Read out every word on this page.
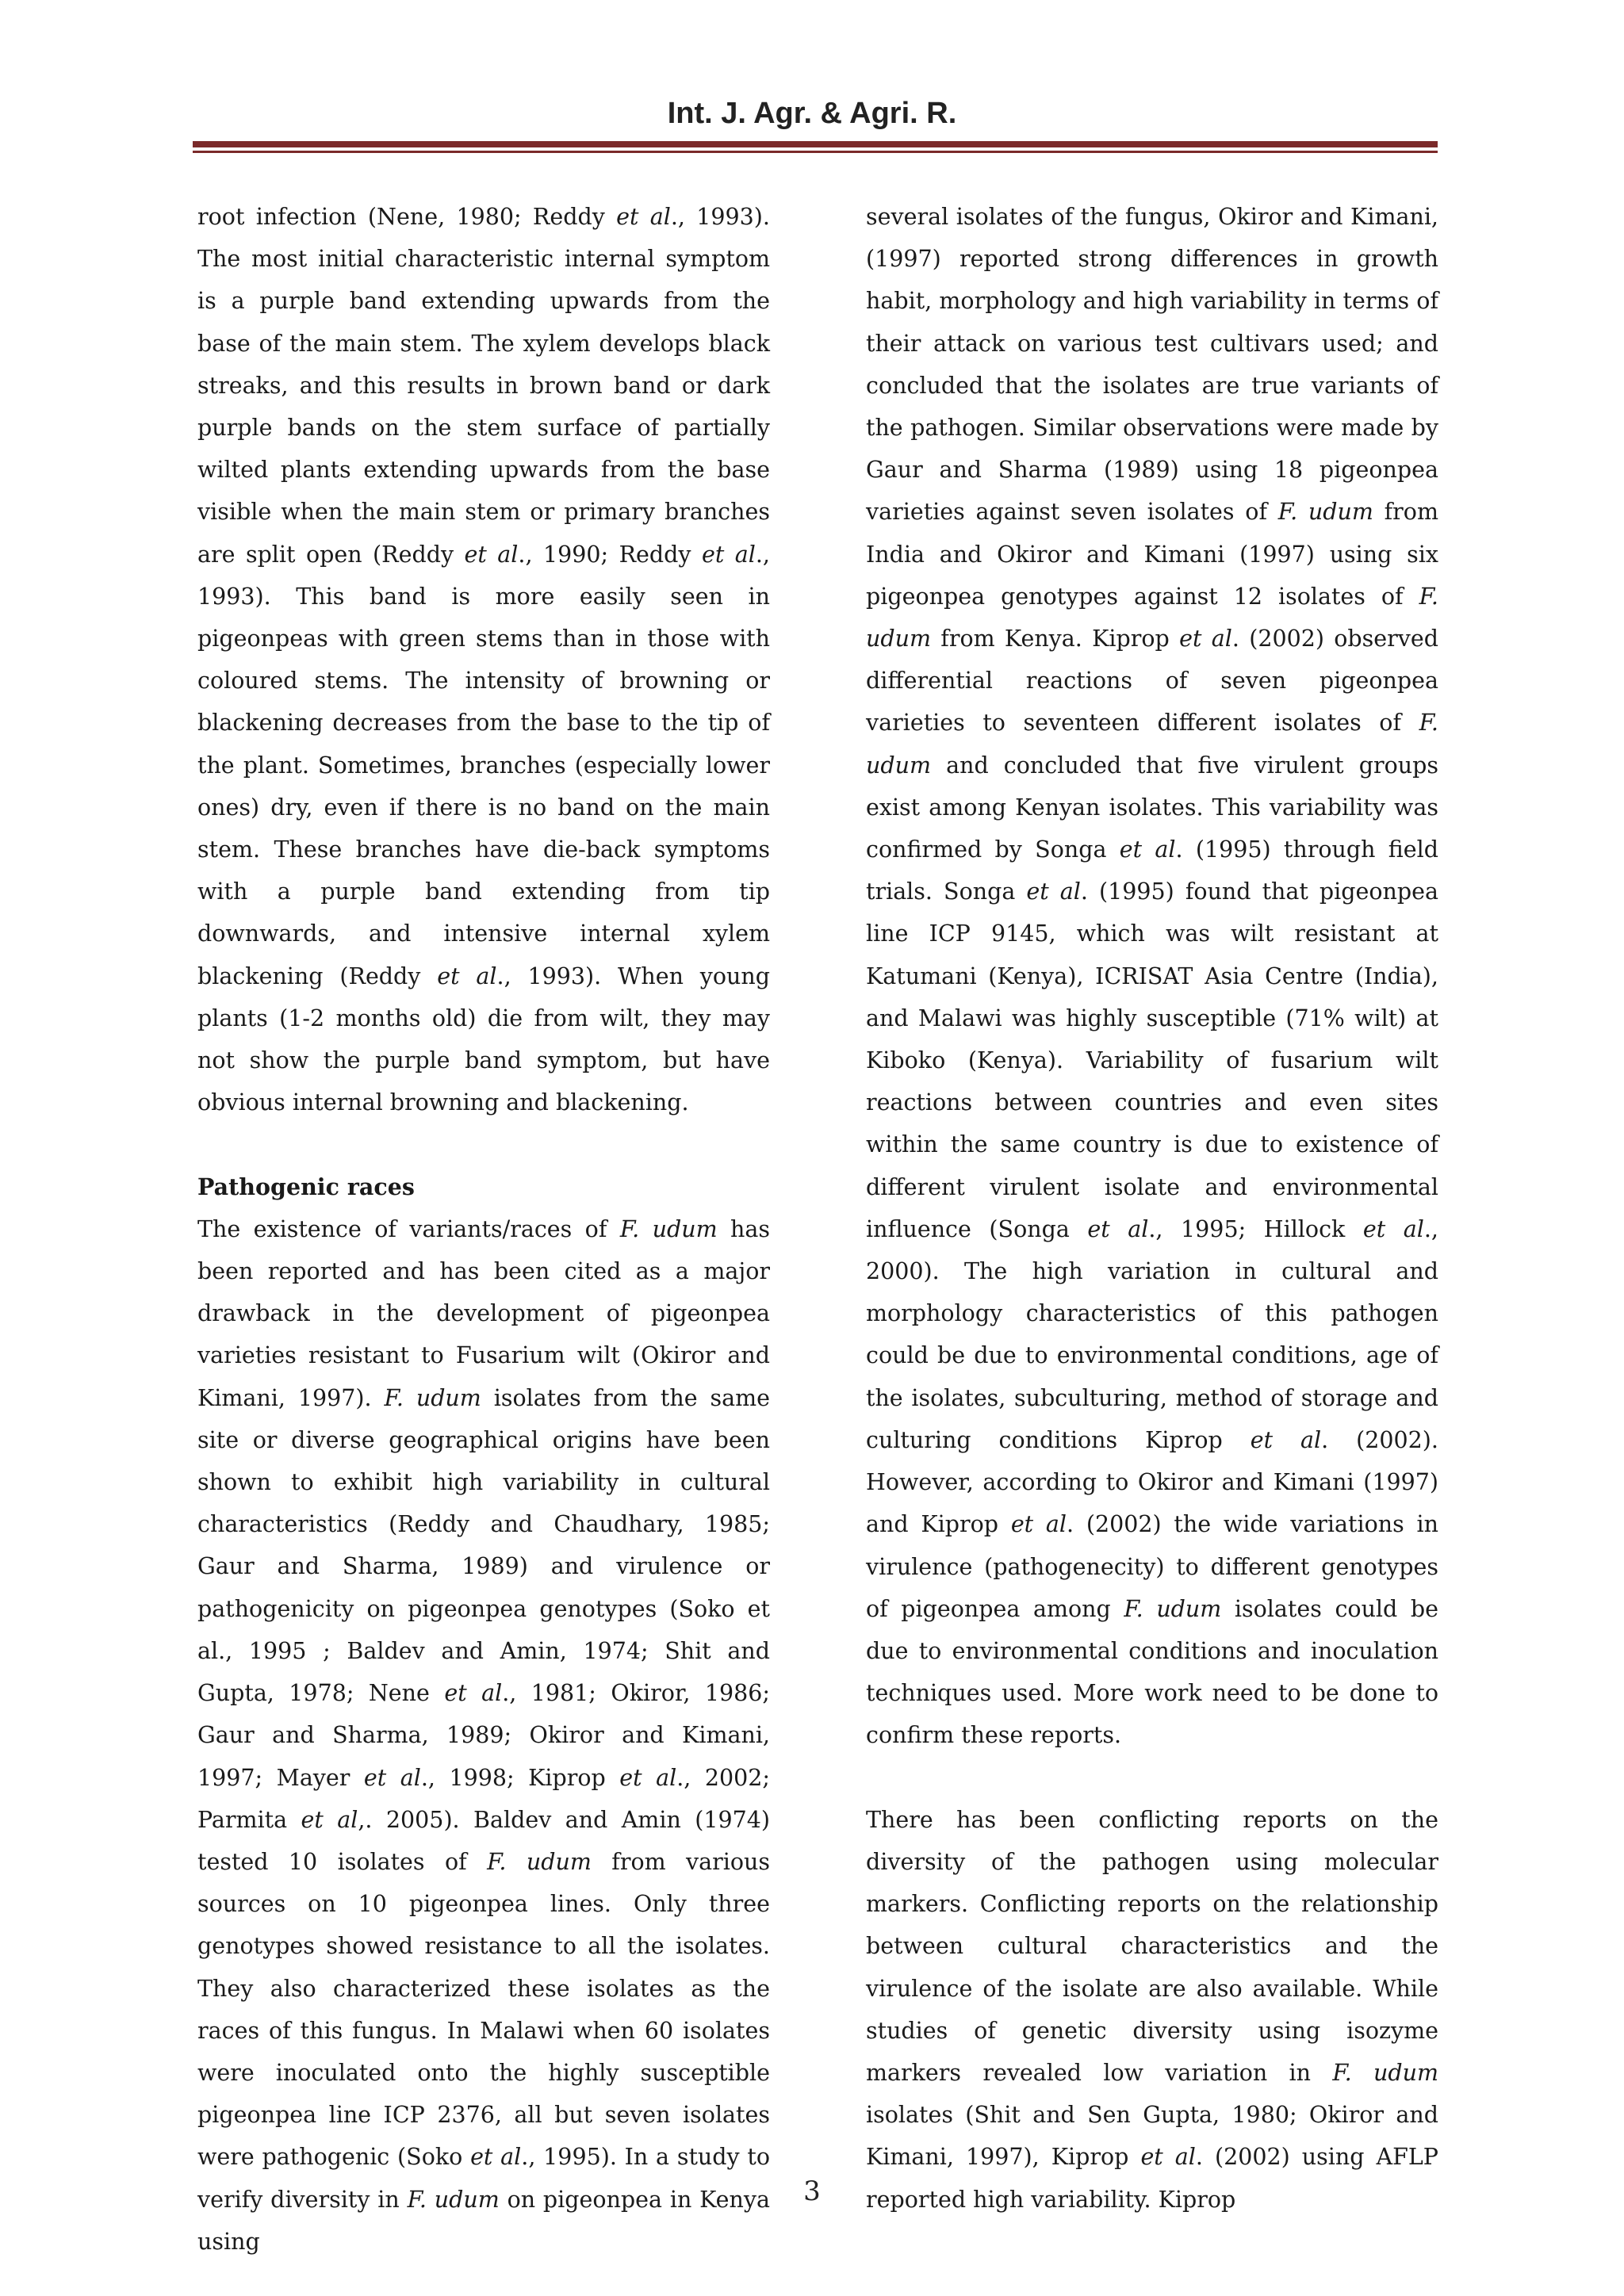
Int. J. Agr. & Agri. R.

root infection (Nene, 1980; Reddy et al., 1993). The most initial characteristic internal symptom is a purple band extending upwards from the base of the main stem. The xylem develops black streaks, and this results in brown band or dark purple bands on the stem surface of partially wilted plants extending upwards from the base visible when the main stem or primary branches are split open (Reddy et al., 1990; Reddy et al., 1993). This band is more easily seen in pigeonpeas with green stems than in those with coloured stems. The intensity of browning or blackening decreases from the base to the tip of the plant. Sometimes, branches (especially lower ones) dry, even if there is no band on the main stem. These branches have die-back symptoms with a purple band extending from tip downwards, and intensive internal xylem blackening (Reddy et al., 1993). When young plants (1-2 months old) die from wilt, they may not show the purple band symptom, but have obvious internal browning and blackening.

Pathogenic races

The existence of variants/races of F. udum has been reported and has been cited as a major drawback in the development of pigeonpea varieties resistant to Fusarium wilt (Okiror and Kimani, 1997). F. udum isolates from the same site or diverse geographical origins have been shown to exhibit high variability in cultural characteristics (Reddy and Chaudhary, 1985; Gaur and Sharma, 1989) and virulence or pathogenicity on pigeonpea genotypes (Soko et al., 1995 ; Baldev and Amin, 1974; Shit and Gupta, 1978; Nene et al., 1981; Okiror, 1986; Gaur and Sharma, 1989; Okiror and Kimani, 1997; Mayer et al., 1998; Kiprop et al., 2002; Parmita et al,. 2005). Baldev and Amin (1974) tested 10 isolates of F. udum from various sources on 10 pigeonpea lines. Only three genotypes showed resistance to all the isolates. They also characterized these isolates as the races of this fungus. In Malawi when 60 isolates were inoculated onto the highly susceptible pigeonpea line ICP 2376, all but seven isolates were pathogenic (Soko et al., 1995). In a study to verify diversity in F. udum on pigeonpea in Kenya using

several isolates of the fungus, Okiror and Kimani, (1997) reported strong differences in growth habit, morphology and high variability in terms of their attack on various test cultivars used; and concluded that the isolates are true variants of the pathogen. Similar observations were made by Gaur and Sharma (1989) using 18 pigeonpea varieties against seven isolates of F. udum from India and Okiror and Kimani (1997) using six pigeonpea genotypes against 12 isolates of F. udum from Kenya. Kiprop et al. (2002) observed differential reactions of seven pigeonpea varieties to seventeen different isolates of F. udum and concluded that five virulent groups exist among Kenyan isolates. This variability was confirmed by Songa et al. (1995) through field trials. Songa et al. (1995) found that pigeonpea line ICP 9145, which was wilt resistant at Katumani (Kenya), ICRISAT Asia Centre (India), and Malawi was highly susceptible (71% wilt) at Kiboko (Kenya). Variability of fusarium wilt reactions between countries and even sites within the same country is due to existence of different virulent isolate and environmental influence (Songa et al., 1995; Hillock et al., 2000). The high variation in cultural and morphology characteristics of this pathogen could be due to environmental conditions, age of the isolates, subculturing, method of storage and culturing conditions Kiprop et al. (2002). However, according to Okiror and Kimani (1997) and Kiprop et al. (2002) the wide variations in virulence (pathogenecity) to different genotypes of pigeonpea among F. udum isolates could be due to environmental conditions and inoculation techniques used. More work need to be done to confirm these reports.

There has been conflicting reports on the diversity of the pathogen using molecular markers. Conflicting reports on the relationship between cultural characteristics and the virulence of the isolate are also available. While studies of genetic diversity using isozyme markers revealed low variation in F. udum isolates (Shit and Sen Gupta, 1980; Okiror and Kimani, 1997), Kiprop et al. (2002) using AFLP reported high variability. Kiprop

3
